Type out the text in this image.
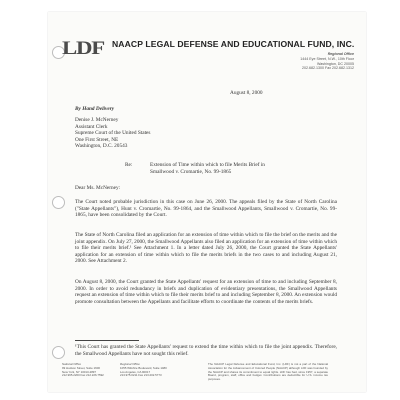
LDF NAACP LEGAL DEFENSE AND EDUCATIONAL FUND, INC.
Regional Office
1444 Eye Street, N.W., 10th Floor
Washington, DC 20005
202.682.1300 Fax 202.682.1312
August 8, 2000
By Hand Delivery
Denise J. McNerney
Assistant Clerk
Supreme Court of the United States
One First Street, NE
Washington, D.C. 20543
Re:	Extension of Time within which to file Merits Brief in
Smallwood v. Cromartie, No. 99-1865
Dear Ms. McNerney:
The Court noted probable jurisdiction in this case on June 26, 2000. The appeals filed by the State of North Carolina ("State Appellants"), Hunt v. Cromartie, No. 99-1864, and the Smallwood Appellants, Smallwood v. Cromartie, No. 99-1865, have been consolidated by the Court.
The State of North Carolina filed an application for an extension of time within which to file the brief on the merits and the joint appendix. On July 27, 2000, the Smallwood Appellants also filed an application for an extension of time within which to file their merits brief.¹ See Attachment 1. In a letter dated July 26, 2000, the Court granted the State Appellants' application for an extension of time within which to file the merits briefs in the two cases to and including August 21, 2000. See Attachment 2.
On August 8, 2000, the Court granted the State Appellants' request for an extension of time to and including September 8, 2000. In order to avoid redundancy in briefs and duplication of evidentiary presentations, the Smallwood Appellants request an extension of time within which to file their merits brief to and including September 8, 2000. An extension would promote consultation between the Appellants and facilitate efforts to coordinate the contents of the merits briefs.
¹This Court has granted the State Appellants' request to extend the time within which to file the joint appendix. Therefore, the Smallwood Appellants have not sought this relief.
National Office
99 Hudson Street, Suite 1600
New York, NY 10013-2897
212.965.2200 Fax 212.226.7592
Regional Office
1055 Wilshire Boulevard, Suite 1480
Los Angeles, CA 90017
213.975.0211 Fax 213.202.5773
The NAACP Legal Defense and Educational Fund, Inc. (LDF) is not a part of the National Association for the Advancement of Colored People (NAACP) although LDF was founded by the NAACP and shares its commitment to equal rights. LDF has had, since 1957, a separate Board, program, staff, office and budget. Contributions are deductible for U.S. income tax purposes.
